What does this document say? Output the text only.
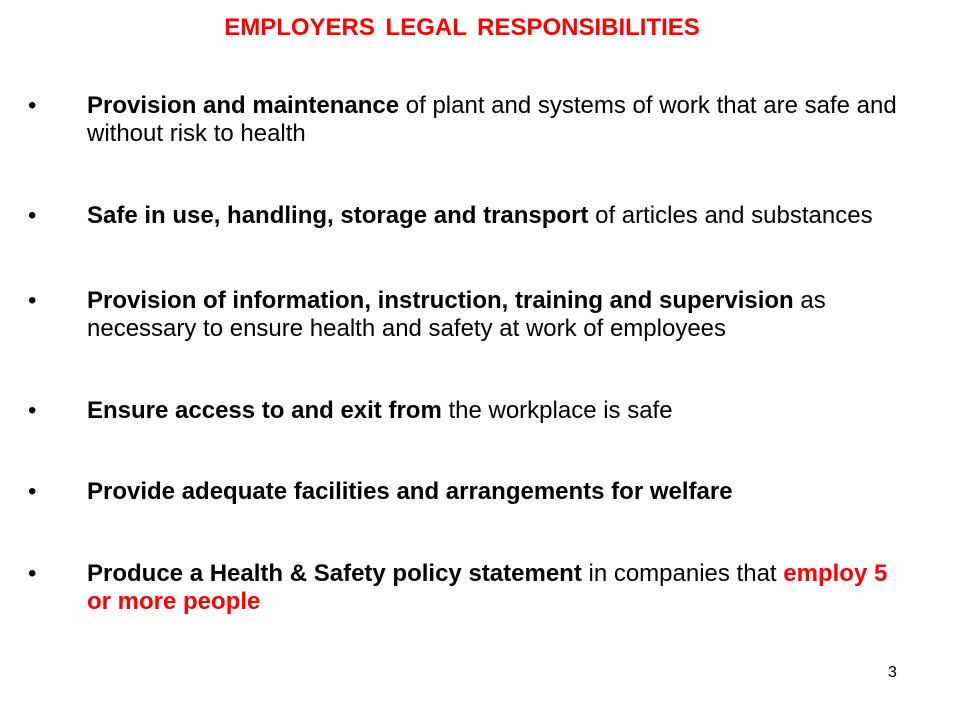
EMPLOYERS LEGAL RESPONSIBILITIES
•	Provision and maintenance of plant and systems of work that are safe and without risk to health
•	Safe in use, handling, storage and transport of articles and substances
•	Provision of information, instruction, training and supervision as necessary to ensure health and safety at work of employees
•	Ensure access to and exit from the workplace is safe
•	Provide adequate facilities and arrangements for welfare
•	Produce a Health & Safety policy statement in companies that employ 5 or more people
3
